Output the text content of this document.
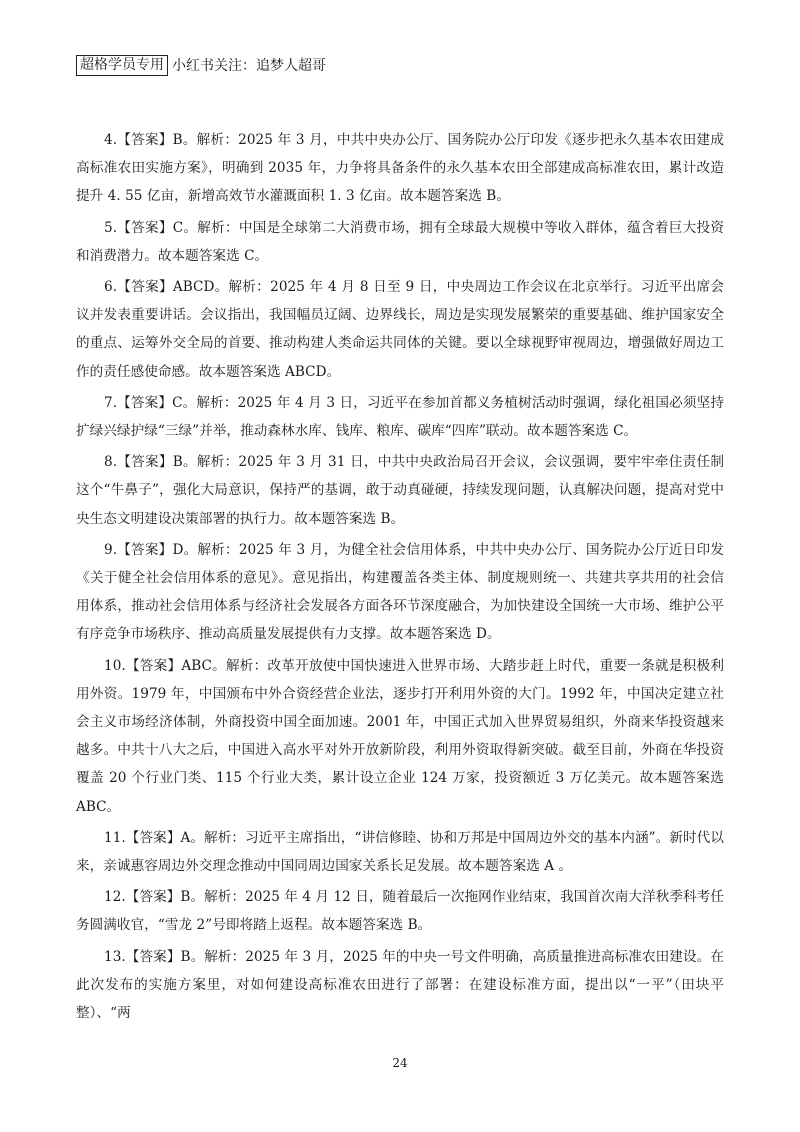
超格学员专用 小红书关注：追梦人超哥

4.【答案】B。解析：2025 年 3 月，中共中央办公厅、国务院办公厅印发《逐步把永久基本农田建成高标准农田实施方案》，明确到 2035 年，力争将具备条件的永久基本农田全部建成高标准农田，累计改造提升 4. 55 亿亩，新增高效节水灌溉面积 1. 3 亿亩。故本题答案选 B。

5.【答案】C。解析：中国是全球第二大消费市场，拥有全球最大规模中等收入群体，蕴含着巨大投资和消费潜力。故本题答案选 C。

6.【答案】ABCD。解析：2025 年 4 月 8 日至 9 日，中央周边工作会议在北京举行。习近平出席会议并发表重要讲话。会议指出，我国幅员辽阔、边界线长，周边是实现发展繁荣的重要基础、维护国家安全的重点、运筹外交全局的首要、推动构建人类命运共同体的关键。要以全球视野审视周边，增强做好周边工作的责任感使命感。故本题答案选 ABCD。

7.【答案】C。解析：2025 年 4 月 3 日，习近平在参加首都义务植树活动时强调，绿化祖国必须坚持扩绿兴绿护绿“三绿”并举，推动森林水库、钱库、粮库、碳库“四库”联动。故本题答案选 C。

8.【答案】B。解析：2025 年 3 月 31 日，中共中央政治局召开会议，会议强调，要牢牢牵住责任制这个“牛鼻子”，强化大局意识，保持严的基调，敢于动真碰硬，持续发现问题，认真解决问题，提高对党中央生态文明建设决策部署的执行力。故本题答案选 B。

9.【答案】D。解析：2025 年 3 月，为健全社会信用体系，中共中央办公厅、国务院办公厅近日印发《关于健全社会信用体系的意见》。意见指出，构建覆盖各类主体、制度规则统一、共建共享共用的社会信用体系，推动社会信用体系与经济社会发展各方面各环节深度融合，为加快建设全国统一大市场、维护公平有序竞争市场秩序、推动高质量发展提供有力支撑。故本题答案选 D。

10.【答案】ABC。解析：改革开放使中国快速进入世界市场、大踏步赶上时代，重要一条就是积极利用外资。1979 年，中国颁布中外合资经营企业法，逐步打开利用外资的大门。1992 年，中国决定建立社会主义市场经济体制，外商投资中国全面加速。2001 年，中国正式加入世界贸易组织，外商来华投资越来越多。中共十八大之后，中国进入高水平对外开放新阶段，利用外资取得新突破。截至目前，外商在华投资覆盖 20 个行业门类、115 个行业大类，累计设立企业 124 万家，投资额近 3 万亿美元。故本题答案选 ABC。

11.【答案】A。解析：习近平主席指出，“讲信修睦、协和万邦是中国周边外交的基本内涵”。新时代以来，亲诚惠容周边外交理念推动中国同周边国家关系长足发展。故本题答案选 A 。

12.【答案】B。解析：2025 年 4 月 12 日，随着最后一次拖网作业结束，我国首次南大洋秋季科考任务圆满收官，“雪龙 2”号即将踏上返程。故本题答案选 B。

13.【答案】B。解析：2025 年 3 月，2025 年的中央一号文件明确，高质量推进高标准农田建设。在此次发布的实施方案里，对如何建设高标准农田进行了部署：在建设标准方面，提出以“一平”（田块平整）、“两

24
